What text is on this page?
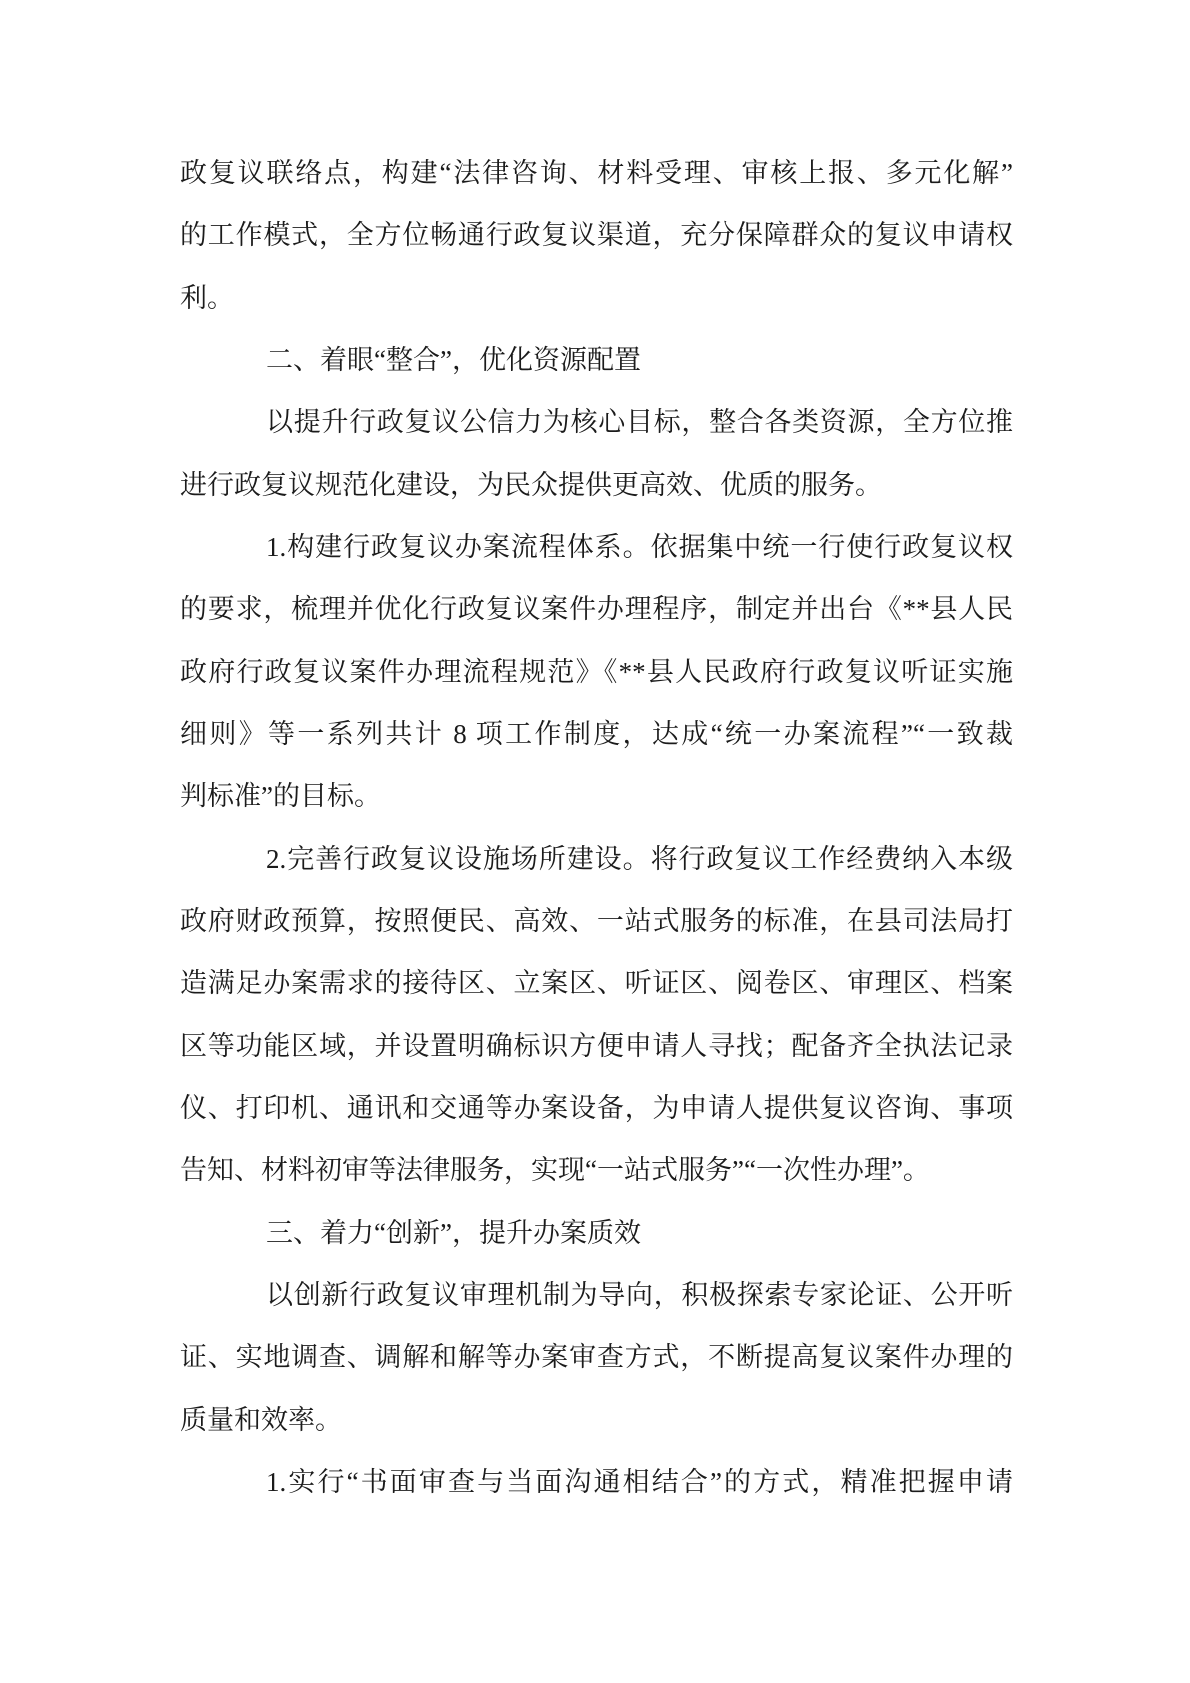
政复议联络点，构建“法律咨询、材料受理、审核上报、多元化解”
的工作模式，全方位畅通行政复议渠道，充分保障群众的复议申请权
利。
二、着眼“整合”，优化资源配置
以提升行政复议公信力为核心目标，整合各类资源，全方位推
进行政复议规范化建设，为民众提供更高效、优质的服务。
1.构建行政复议办案流程体系。依据集中统一行使行政复议权
的要求，梳理并优化行政复议案件办理程序，制定并出台《**县人民
政府行政复议案件办理流程规范》《**县人民政府行政复议听证实施
细则》等一系列共计 8 项工作制度，达成“统一办案流程”“一致裁
判标准”的目标。
2.完善行政复议设施场所建设。将行政复议工作经费纳入本级
政府财政预算，按照便民、高效、一站式服务的标准，在县司法局打
造满足办案需求的接待区、立案区、听证区、阅卷区、审理区、档案
区等功能区域，并设置明确标识方便申请人寻找；配备齐全执法记录
仪、打印机、通讯和交通等办案设备，为申请人提供复议咨询、事项
告知、材料初审等法律服务，实现“一站式服务”“一次性办理”。
三、着力“创新”，提升办案质效
以创新行政复议审理机制为导向，积极探索专家论证、公开听
证、实地调查、调解和解等办案审查方式，不断提高复议案件办理的
质量和效率。
1.实行“书面审查与当面沟通相结合”的方式，精准把握申请
